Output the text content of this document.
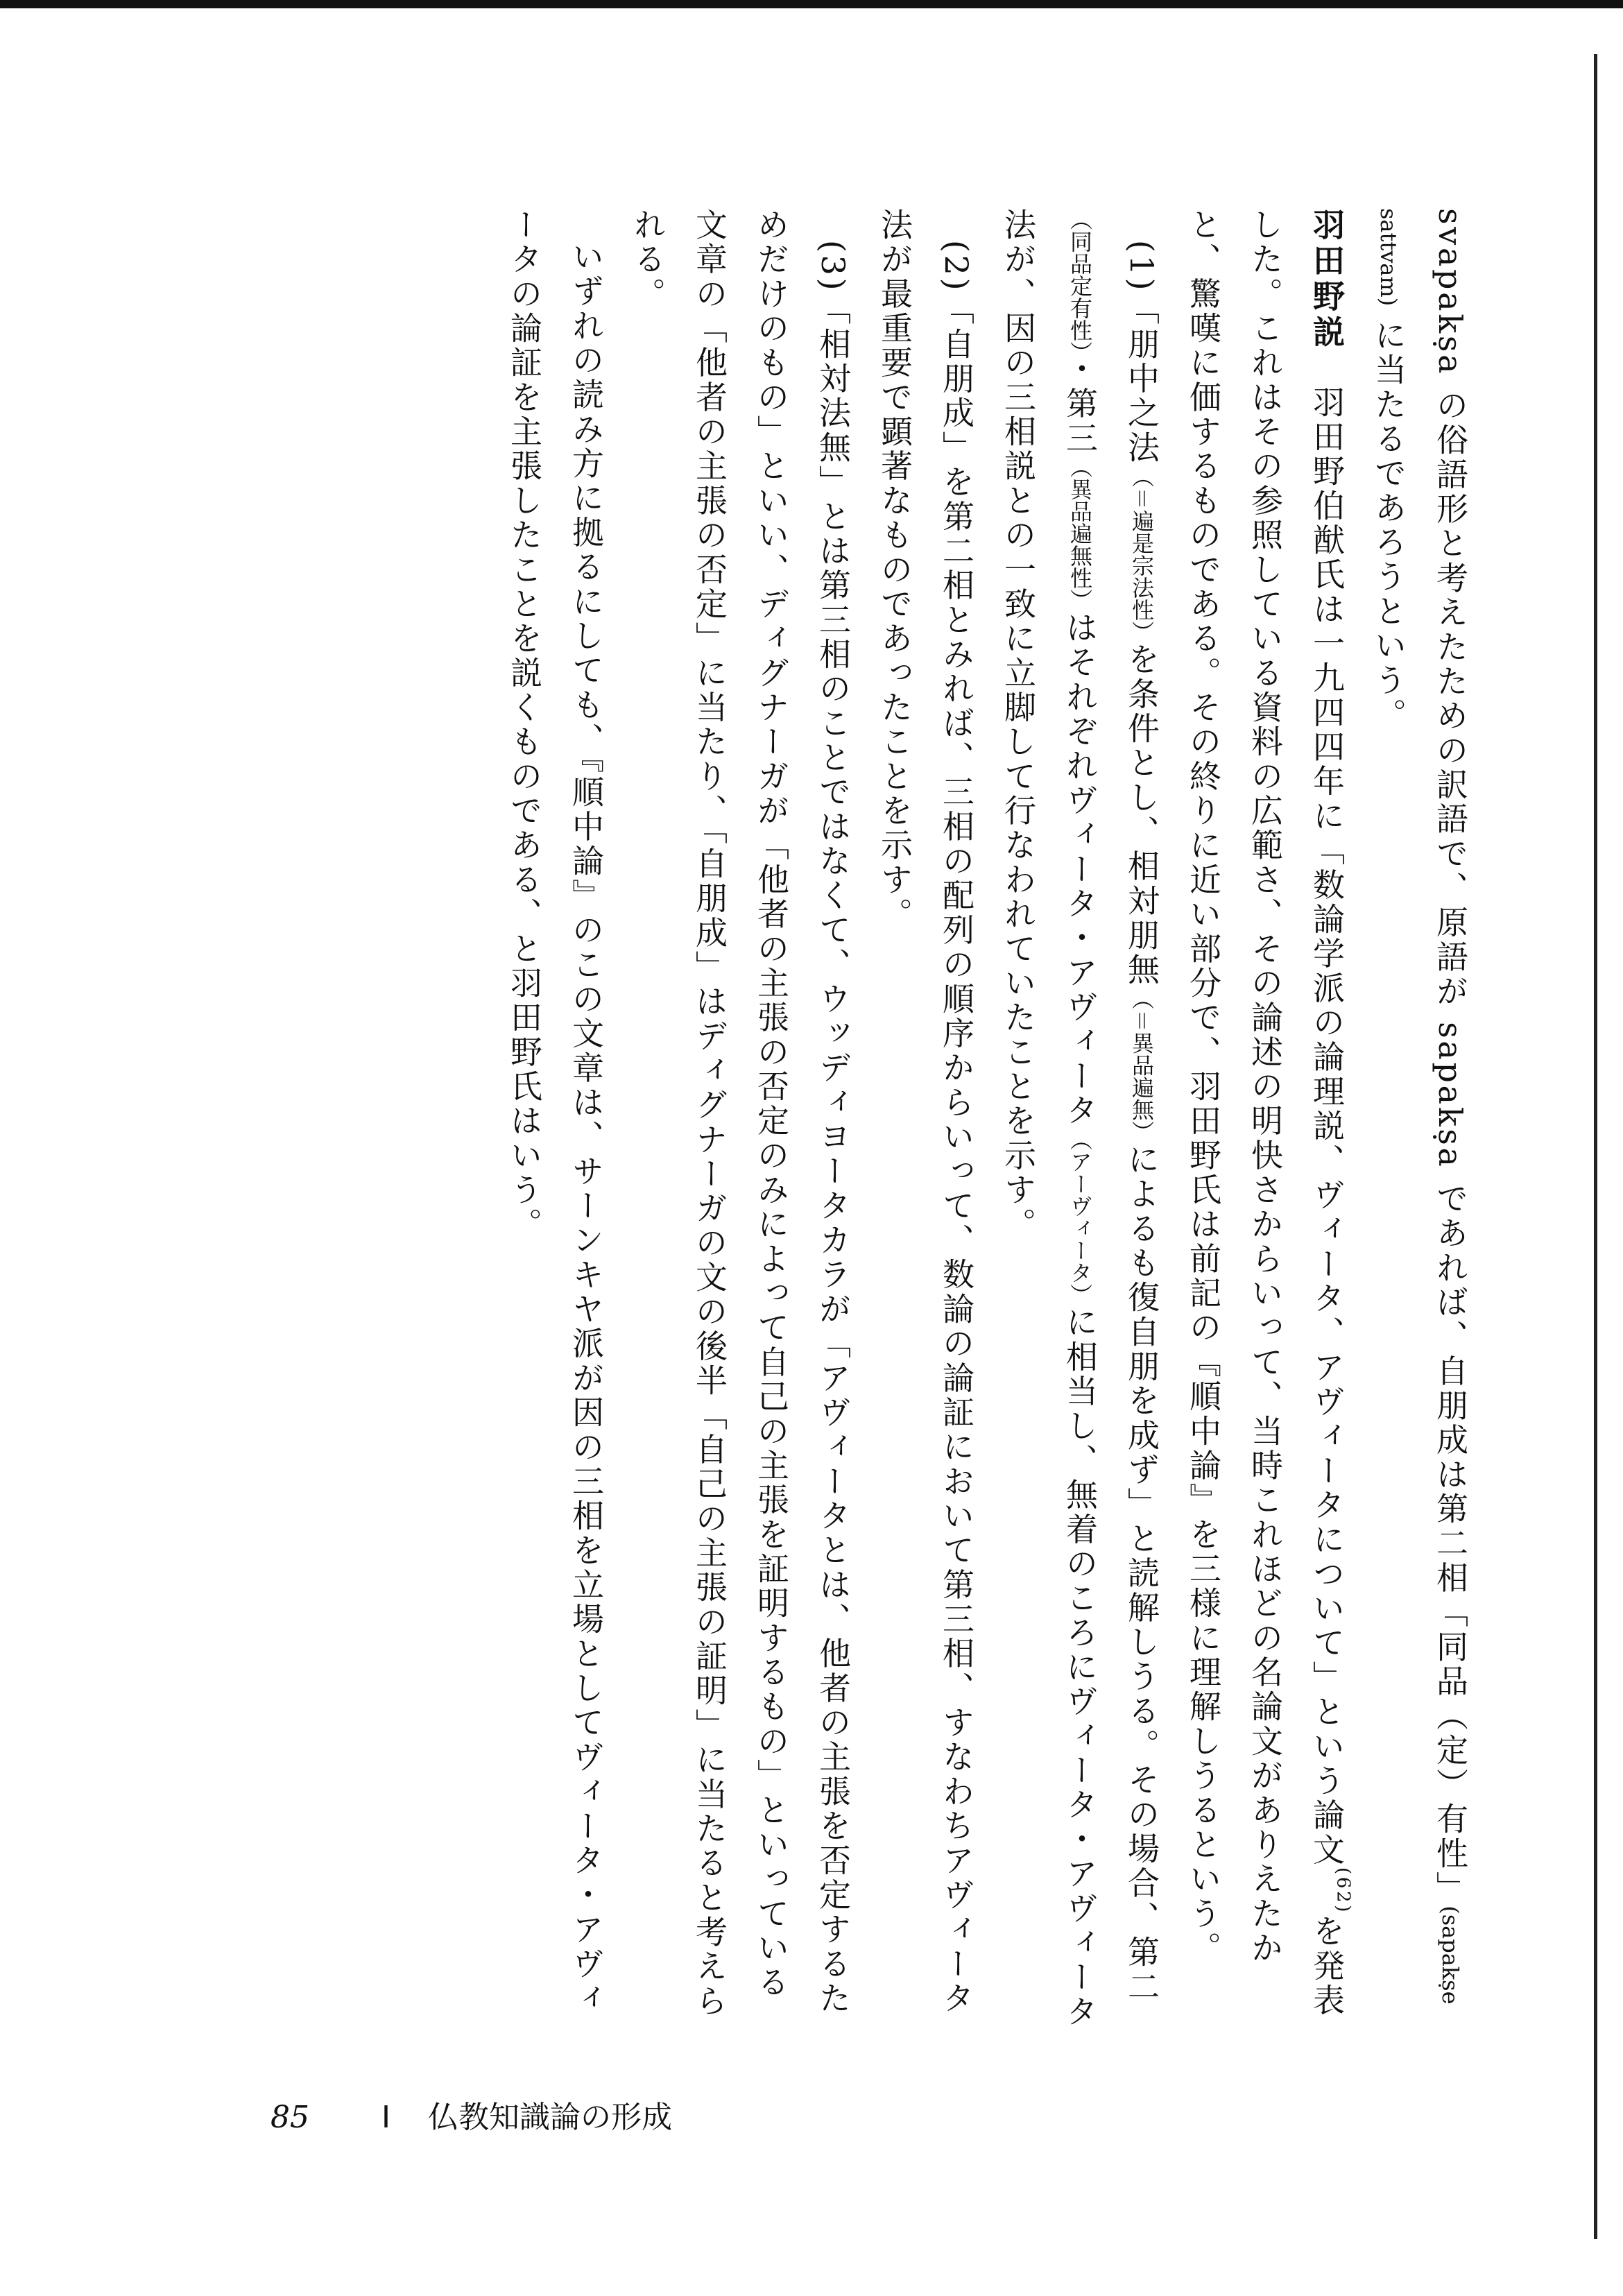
svapakṣa の俗語形と考えたための訳語で、原語が sapakṣa であれば、自朋成は第二相「同品（定）有性」(sapakṣe sattvam) に当たるであろうという。

羽田野説　羽田野伯猷氏は一九四四年に「数論学派の論理説、ヴィータ、アヴィータについて」という論文(62)を発表した。これはその参照している資料の広範さ、その論述の明快さからいって、当時これほどの名論文がありえたかと、驚嘆に価するものである。その終りに近い部分で、羽田野氏は前記の『順中論』を三様に理解しうるという。

(1)「朋中之法（＝遍是宗法性）を条件とし、相対朋無（＝異品遍無）によるも復自朋を成ず」と読解しうる。その場合、第二（同品定有性）・第三（異品遍無性）はそれぞれヴィータ・アヴィータ（アーヴィータ）に相当し、無着のころにヴィータ・アヴィータ法が、因の三相説との一致に立脚して行なわれていたことを示す。

(2)「自朋成」を第二相とみれば、三相の配列の順序からいって、数論の論証において第三相、すなわちアヴィータ法が最重要で顕著なものであったことを示す。

(3)「相対法無」とは第三相のことではなくて、ウッディヨータカラが「アヴィータとは、他者の主張を否定するためだけのもの」といい、ディグナーガが「他者の主張の否定のみによって自己の主張を証明するもの」といっている文章の「他者の主張の否定」に当たり、「自朋成」はディグナーガの文の後半「自己の主張の証明」に当たると考えられる。

いずれの読み方に拠るにしても、『順中論』のこの文章は、サーンキヤ派が因の三相を立場としてヴィータ・アヴィータの論証を主張したことを説くものである、と羽田野氏はいう。

85 I 仏教知識論の形成
